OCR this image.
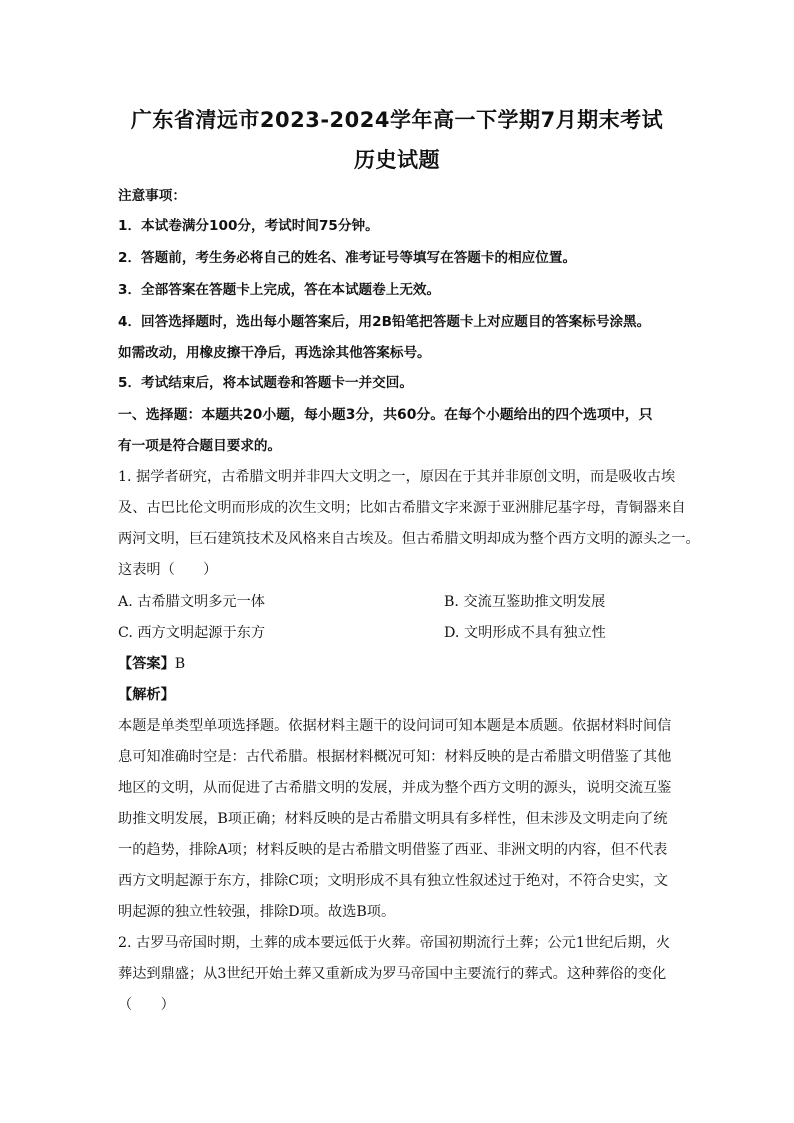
广东省清远市2023-2024学年高一下学期7月期末考试
历史试题
注意事项：
1．本试卷满分100分，考试时间75分钟。
2．答题前，考生务必将自己的姓名、准考证号等填写在答题卡的相应位置。
3．全部答案在答题卡上完成，答在本试题卷上无效。
4．回答选择题时，选出每小题答案后，用2B铅笔把答题卡上对应题目的答案标号涂黑。
如需改动，用橡皮擦干净后，再选涂其他答案标号。
5．考试结束后，将本试题卷和答题卡一并交回。
一、选择题：本题共20小题，每小题3分，共60分。在每个小题给出的四个选项中，只
有一项是符合题目要求的。
1. 据学者研究，古希腊文明并非四大文明之一，原因在于其并非原创文明，而是吸收古埃
及、古巴比伦文明而形成的次生文明；比如古希腊文字来源于亚洲腓尼基字母，青铜器来自
两河文明，巨石建筑技术及风格来自古埃及。但古希腊文明却成为整个西方文明的源头之一。
这表明（　　）
A. 古希腊文明多元一体	B. 交流互鉴助推文明发展
C. 西方文明起源于东方	D. 文明形成不具有独立性
【答案】B
【解析】
本题是单类型单项选择题。依据材料主题干的设问词可知本题是本质题。依据材料时间信
息可知准确时空是：古代希腊。根据材料概况可知：材料反映的是古希腊文明借鉴了其他
地区的文明，从而促进了古希腊文明的发展，并成为整个西方文明的源头，说明交流互鉴
助推文明发展，B项正确；材料反映的是古希腊文明具有多样性，但未涉及文明走向了统
一的趋势，排除A项；材料反映的是古希腊文明借鉴了西亚、非洲文明的内容，但不代表
西方文明起源于东方，排除C项；文明形成不具有独立性叙述过于绝对，不符合史实，文
明起源的独立性较强，排除D项。故选B项。
2. 古罗马帝国时期，土葬的成本要远低于火葬。帝国初期流行土葬；公元1世纪后期，火
葬达到鼎盛；从3世纪开始土葬又重新成为罗马帝国中主要流行的葬式。这种葬俗的变化
（　　）
